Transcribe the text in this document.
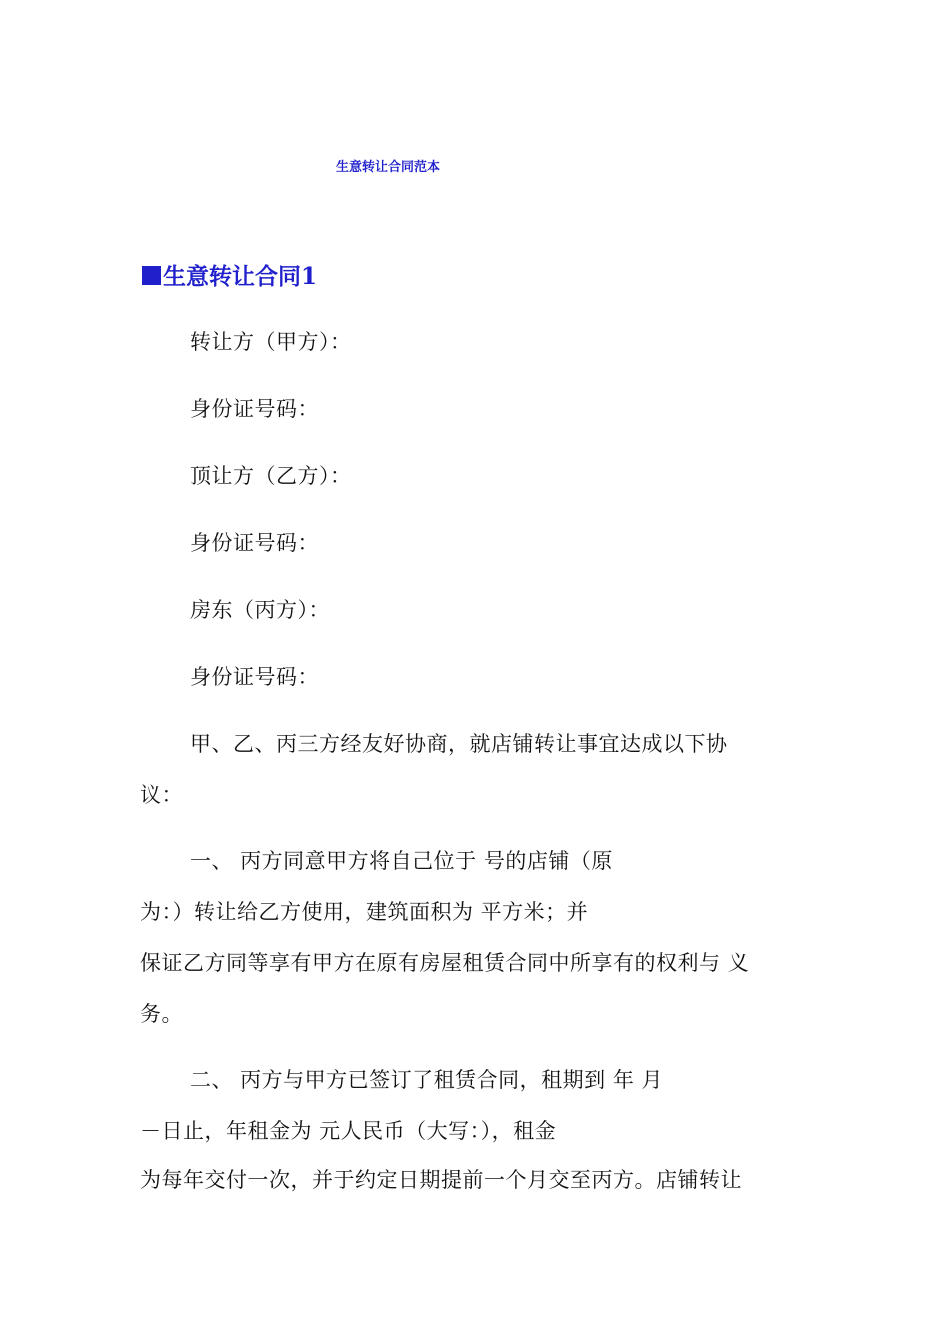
生意转让合同范本
生意转让合同1
转让方（甲方）：
身份证号码：
顶让方（乙方）：
身份证号码：
房东（丙方）：
身份证号码：
甲、乙、丙三方经友好协商，就店铺转让事宜达成以下协
议：
一、 丙方同意甲方将自己位于 号的店铺（原
为：）转让给乙方使用，建筑面积为 平方米；并
保证乙方同等享有甲方在原有房屋租赁合同中所享有的权利与 义
务。
二、 丙方与甲方已签订了租赁合同，租期到 年 月
－日止，年租金为 元人民币（大写：），租金
为每年交付一次，并于约定日期提前一个月交至丙方。店铺转让
